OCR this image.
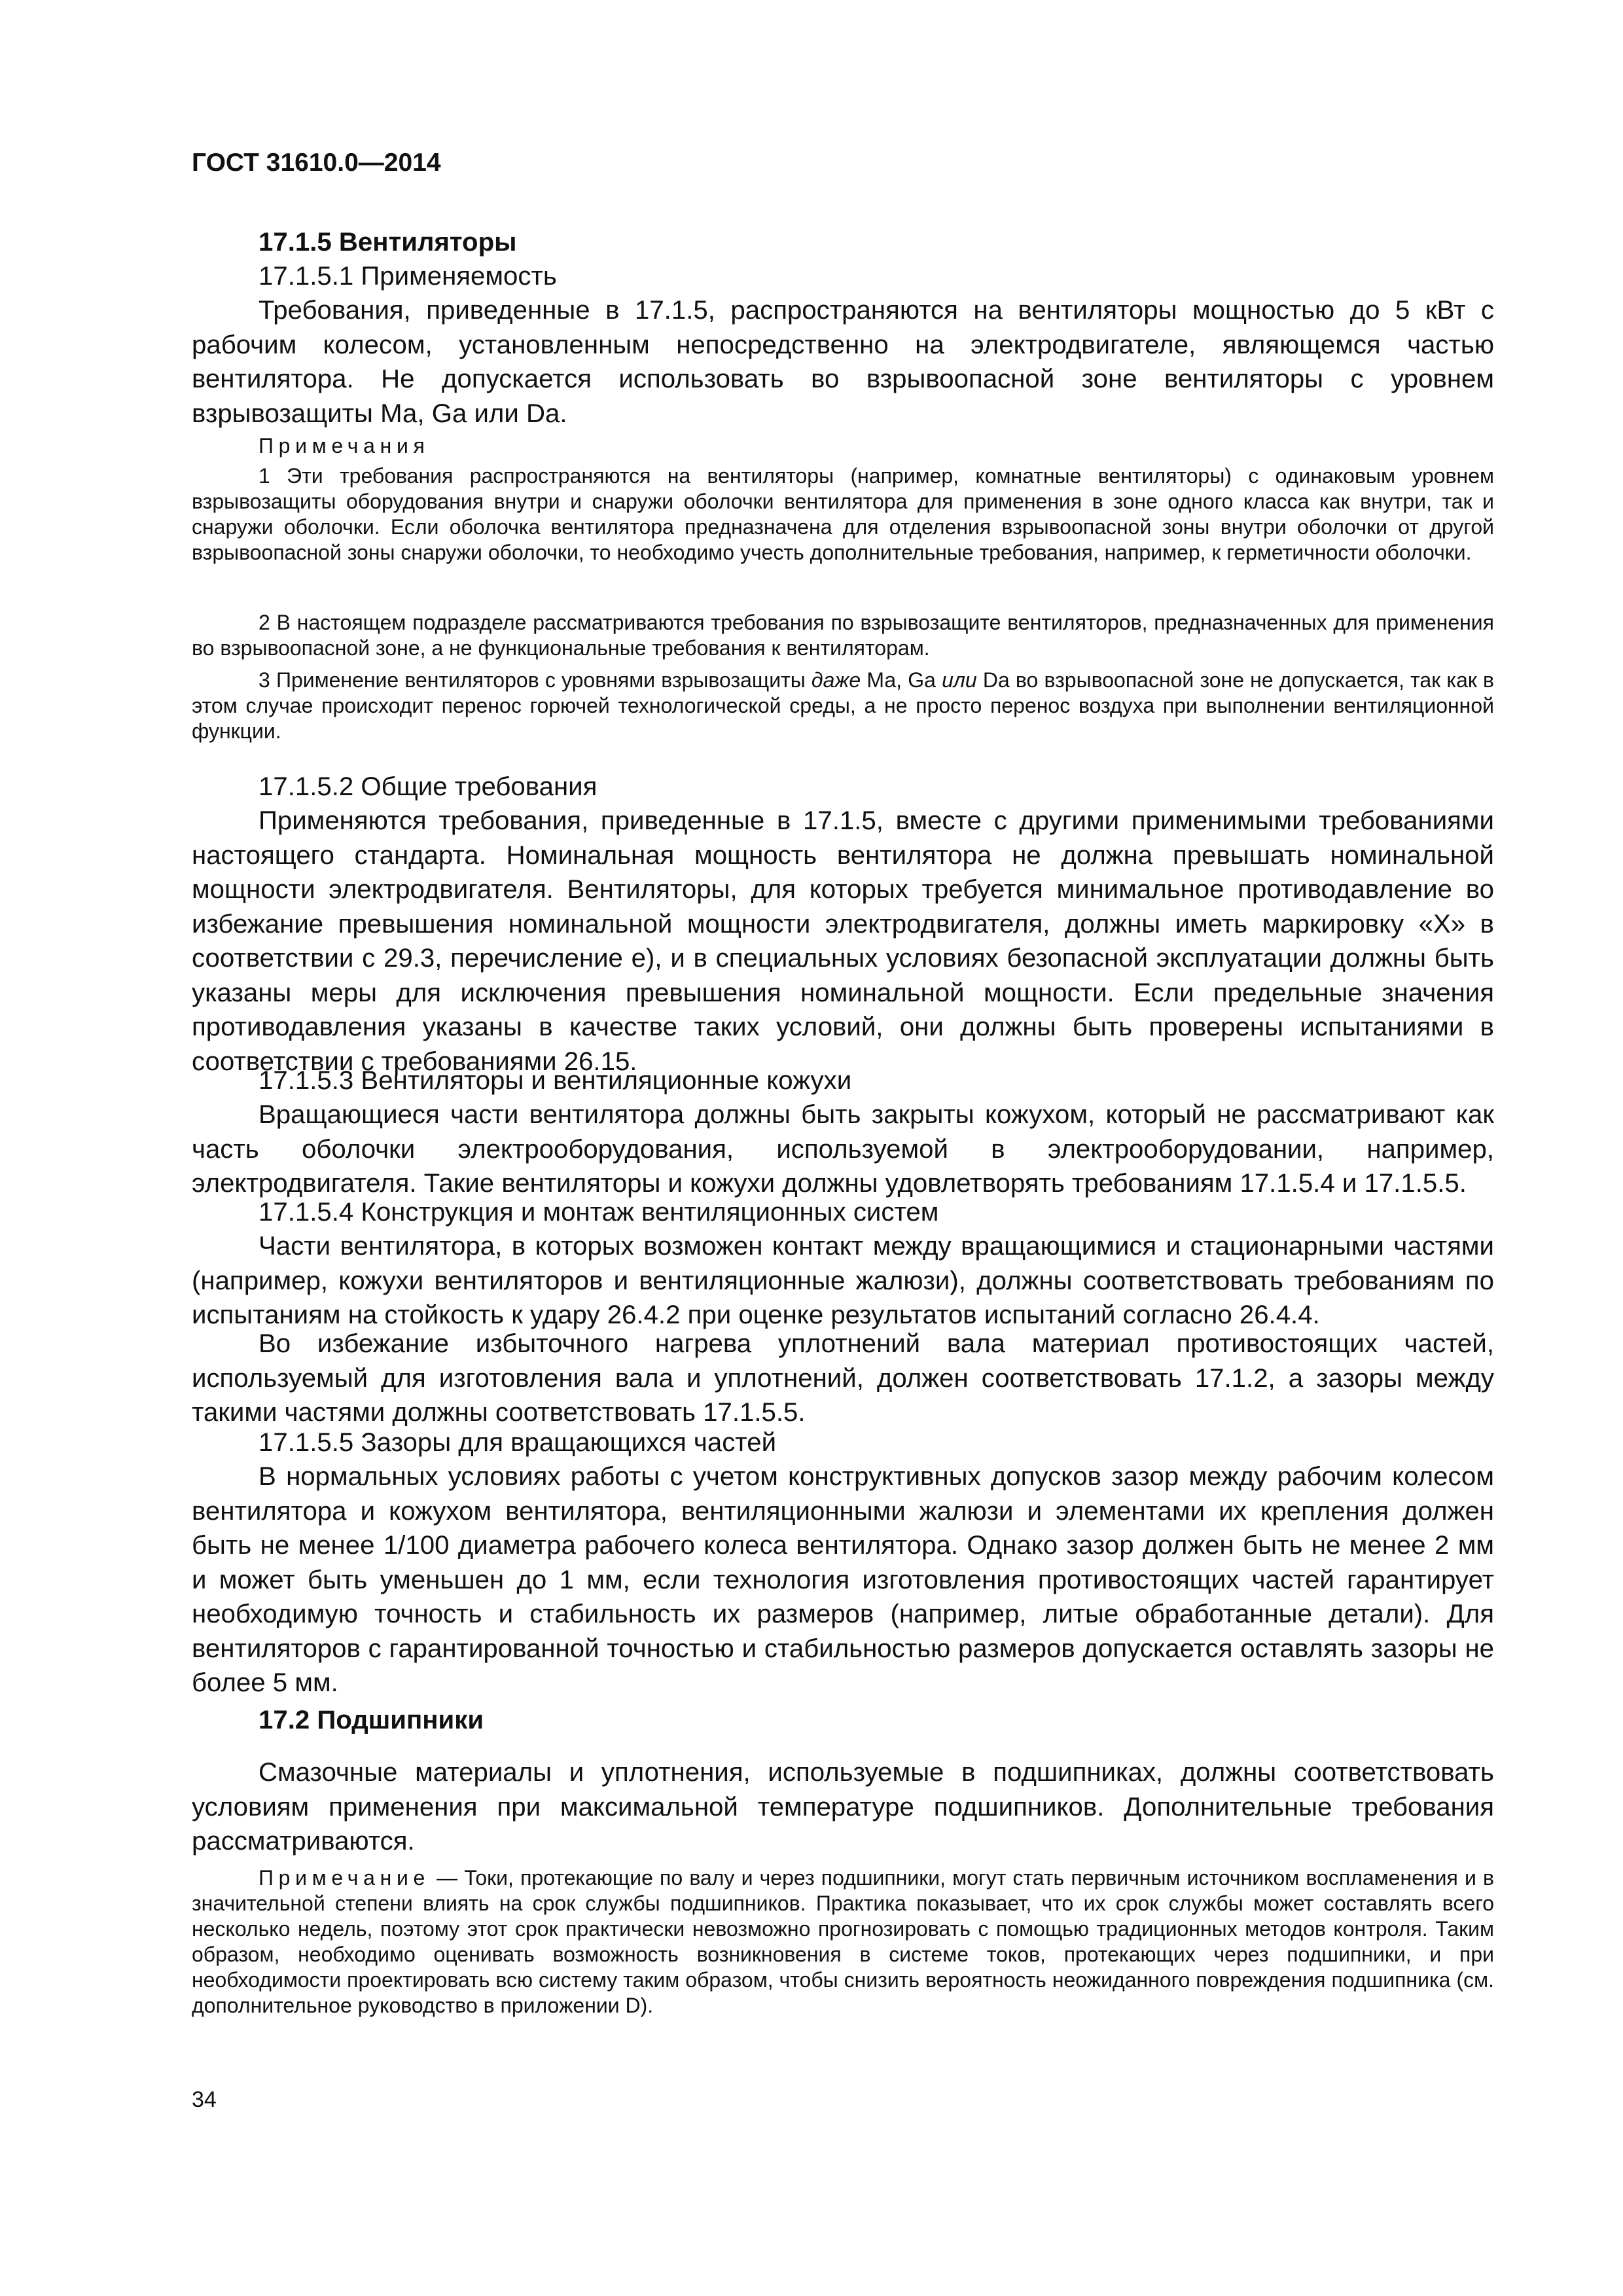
ГОСТ 31610.0—2014

17.1.5 Вентиляторы

17.1.5.1 Применяемость

Требования, приведенные в 17.1.5, распространяются на вентиляторы мощностью до 5 кВт с рабочим колесом, установленным непосредственно на электродвигателе, являющемся частью вентилятора. Не допускается использовать во взрывоопасной зоне вентиляторы с уровнем взрывозащиты Ма, Ga или Da.

Примечания

1 Эти требования распространяются на вентиляторы (например, комнатные вентиляторы) с одинаковым уровнем взрывозащиты оборудования внутри и снаружи оболочки вентилятора для применения в зоне одного класса как внутри, так и снаружи оболочки. Если оболочка вентилятора предназначена для отделения взрывоопасной зоны внутри оболочки от другой взрывоопасной зоны снаружи оболочки, то необходимо учесть дополнительные требования, например, к герметичности оболочки.

2 В настоящем подразделе рассматриваются требования по взрывозащите вентиляторов, предназначенных для применения во взрывоопасной зоне, а не функциональные требования к вентиляторам.

3 Применение вентиляторов с уровнями взрывозащиты даже Ма, Ga или Da во взрывоопасной зоне не допускается, так как в этом случае происходит перенос горючей технологической среды, а не просто перенос воздуха при выполнении вентиляционной функции.

17.1.5.2 Общие требования

Применяются требования, приведенные в 17.1.5, вместе с другими применимыми требованиями настоящего стандарта. Номинальная мощность вентилятора не должна превышать номинальной мощности электродвигателя. Вентиляторы, для которых требуется минимальное противодавление во избежание превышения номинальной мощности электродвигателя, должны иметь маркировку «X» в соответствии с 29.3, перечисление е), и в специальных условиях безопасной эксплуатации должны быть указаны меры для исключения превышения номинальной мощности. Если предельные значения противодавления указаны в качестве таких условий, они должны быть проверены испытаниями в соответствии с требованиями 26.15.

17.1.5.3 Вентиляторы и вентиляционные кожухи

Вращающиеся части вентилятора должны быть закрыты кожухом, который не рассматривают как часть оболочки электрооборудования, используемой в электрооборудовании, например, электродвигателя. Такие вентиляторы и кожухи должны удовлетворять требованиям 17.1.5.4 и 17.1.5.5.

17.1.5.4 Конструкция и монтаж вентиляционных систем

Части вентилятора, в которых возможен контакт между вращающимися и стационарными частями (например, кожухи вентиляторов и вентиляционные жалюзи), должны соответствовать требованиям по испытаниям на стойкость к удару 26.4.2 при оценке результатов испытаний согласно 26.4.4.

Во избежание избыточного нагрева уплотнений вала материал противостоящих частей, используемый для изготовления вала и уплотнений, должен соответствовать 17.1.2, а зазоры между такими частями должны соответствовать 17.1.5.5.

17.1.5.5 Зазоры для вращающихся частей

В нормальных условиях работы с учетом конструктивных допусков зазор между рабочим колесом вентилятора и кожухом вентилятора, вентиляционными жалюзи и элементами их крепления должен быть не менее 1/100 диаметра рабочего колеса вентилятора. Однако зазор должен быть не менее 2 мм и может быть уменьшен до 1 мм, если технология изготовления противостоящих частей гарантирует необходимую точность и стабильность их размеров (например, литые обработанные детали). Для вентиляторов с гарантированной точностью и стабильностью размеров допускается оставлять зазоры не более 5 мм.

17.2 Подшипники

Смазочные материалы и уплотнения, используемые в подшипниках, должны соответствовать условиям применения при максимальной температуре подшипников. Дополнительные требования рассматриваются.

Примечание — Токи, протекающие по валу и через подшипники, могут стать первичным источником воспламенения и в значительной степени влиять на срок службы подшипников. Практика показывает, что их срок службы может составлять всего несколько недель, поэтому этот срок практически невозможно прогнозировать с помощью традиционных методов контроля. Таким образом, необходимо оценивать возможность возникновения в системе токов, протекающих через подшипники, и при необходимости проектировать всю систему таким образом, чтобы снизить вероятность неожиданного повреждения подшипника (см. дополнительное руководство в приложении D).

34
